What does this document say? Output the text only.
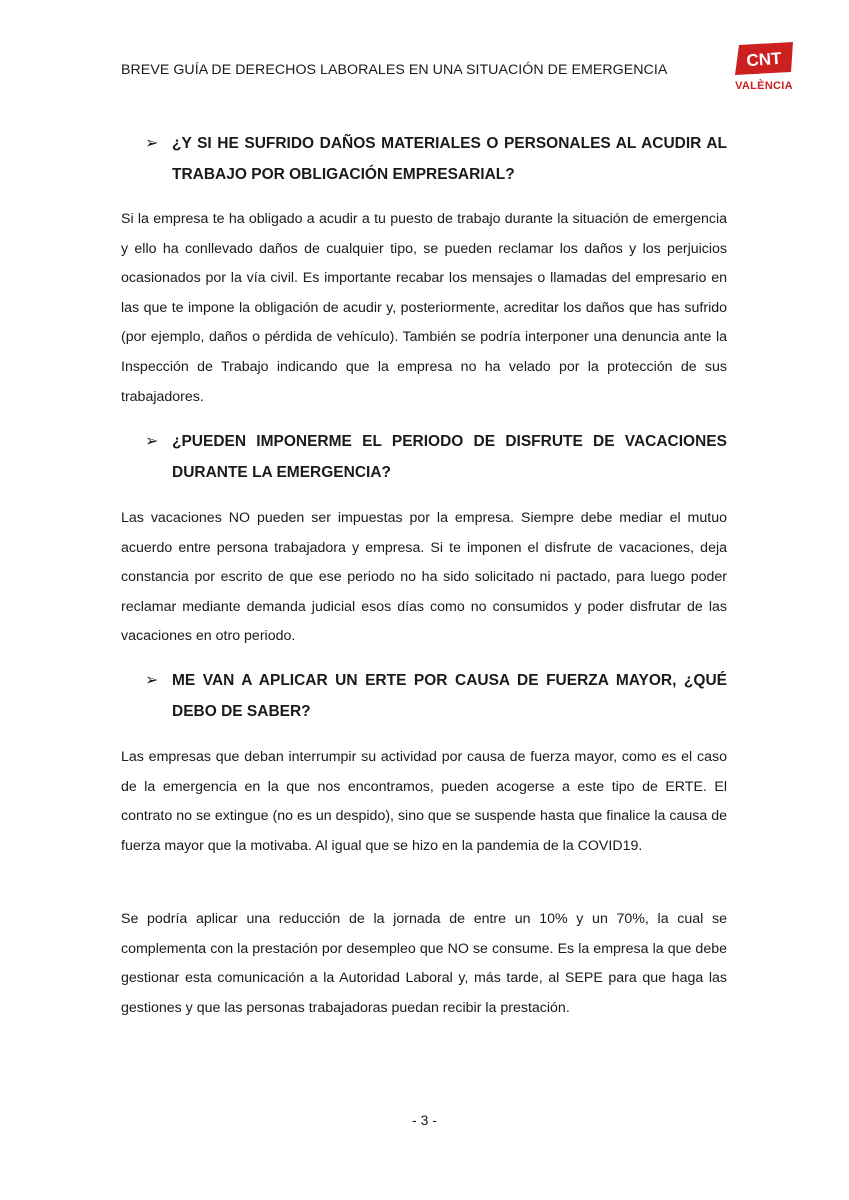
BREVE GUÍA DE DERECHOS LABORALES EN UNA SITUACIÓN DE EMERGENCIA	CNT
VALÈNCIA
➢ ¿Y SI HE SUFRIDO DAÑOS MATERIALES O PERSONALES AL ACUDIR AL TRABAJO POR OBLIGACIÓN EMPRESARIAL?
Si la empresa te ha obligado a acudir a tu puesto de trabajo durante la situación de emergencia y ello ha conllevado daños de cualquier tipo, se pueden reclamar los daños y los perjuicios ocasionados por la vía civil. Es importante recabar los mensajes o llamadas del empresario en las que te impone la obligación de acudir y, posteriormente, acreditar los daños que has sufrido (por ejemplo, daños o pérdida de vehículo). También se podría interponer una denuncia ante la Inspección de Trabajo indicando que la empresa no ha velado por la protección de sus trabajadores.
➢ ¿PUEDEN IMPONERME EL PERIODO DE DISFRUTE DE VACACIONES DURANTE LA EMERGENCIA?
Las vacaciones NO pueden ser impuestas por la empresa. Siempre debe mediar el mutuo acuerdo entre persona trabajadora y empresa. Si te imponen el disfrute de vacaciones, deja constancia por escrito de que ese periodo no ha sido solicitado ni pactado, para luego poder reclamar mediante demanda judicial esos días como no consumidos y poder disfrutar de las vacaciones en otro periodo.
➢ ME VAN A APLICAR UN ERTE POR CAUSA DE FUERZA MAYOR, ¿QUÉ DEBO DE SABER?
Las empresas que deban interrumpir su actividad por causa de fuerza mayor, como es el caso de la emergencia en la que nos encontramos, pueden acogerse a este tipo de ERTE. El contrato no se extingue (no es un despido), sino que se suspende hasta que finalice la causa de fuerza mayor que la motivaba. Al igual que se hizo en la pandemia de la COVID19.
Se podría aplicar una reducción de la jornada de entre un 10% y un 70%, la cual se complementa con la prestación por desempleo que NO se consume. Es la empresa la que debe gestionar esta comunicación a la Autoridad Laboral y, más tarde, al SEPE para que haga las gestiones y que las personas trabajadoras puedan recibir la prestación.
- 3 -
